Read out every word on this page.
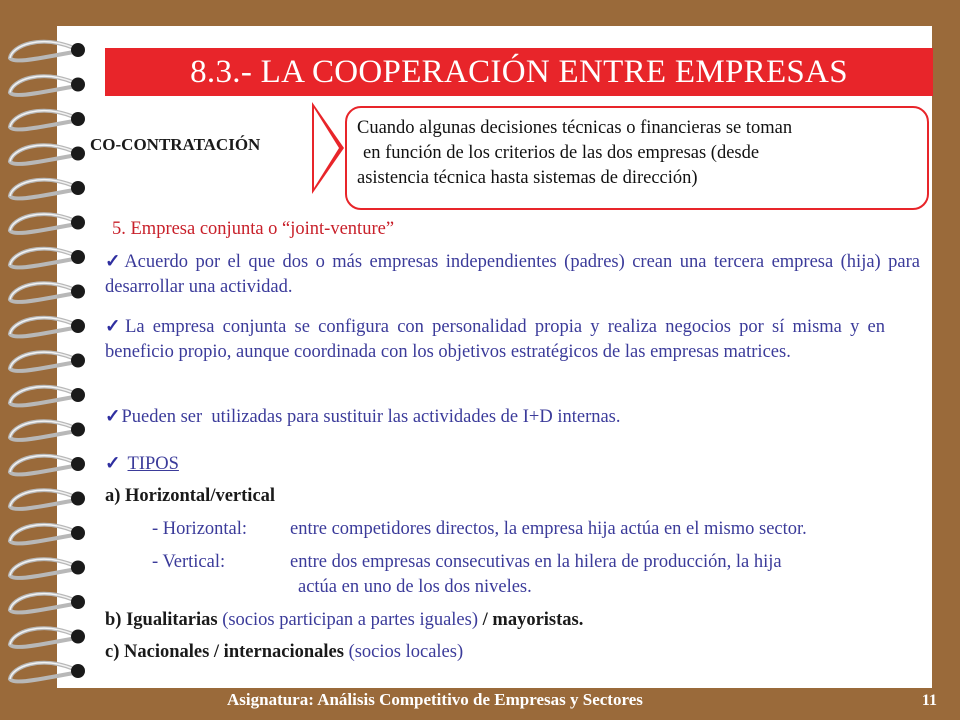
8.3.- LA COOPERACIÓN ENTRE EMPRESAS
CO-CONTRATACIÓN
Cuando algunas decisiones técnicas o financieras se toman
en función de los criterios de las dos empresas (desde
asistencia técnica hasta sistemas de dirección)
5. Empresa conjunta o “joint-venture”
✓Acuerdo por el que dos o más empresas independientes (padres) crean una tercera empresa (hija) para desarrollar una actividad.
✓La empresa conjunta se configura con personalidad propia y realiza negocios por sí misma y en beneficio propio, aunque coordinada con los objetivos estratégicos de las empresas matrices.
✓Pueden ser  utilizadas para sustituir las actividades de I+D internas.
✓ TIPOS
a) Horizontal/vertical
- Horizontal: entre competidores directos, la empresa hija actúa en el mismo sector.
- Vertical:	entre dos empresas consecutivas en la hilera de producción, la hija
actúa en uno de los dos niveles.
b) Igualitarias (socios participan a partes iguales) / mayoristas.
c) Nacionales / internacionales (socios locales)
Asignatura: Análisis Competitivo de Empresas y Sectores	11
